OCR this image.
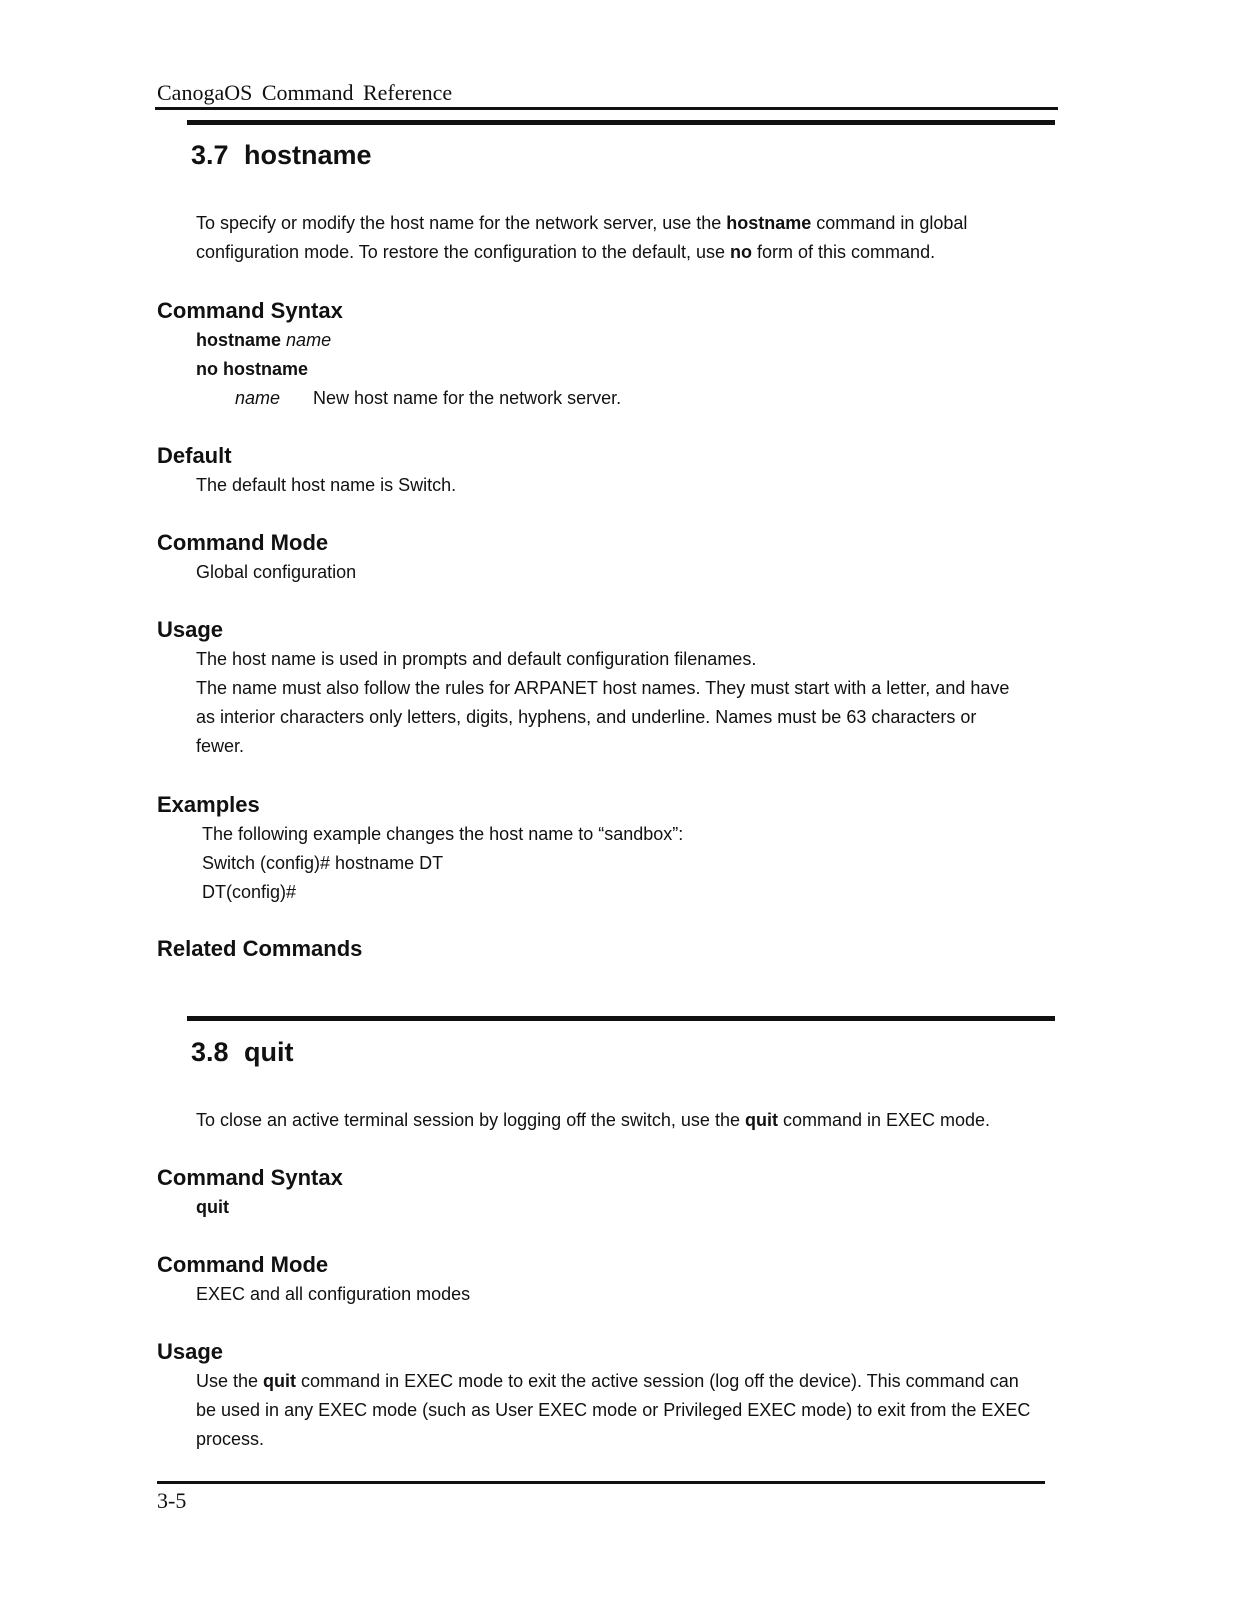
CanogaOS Command Reference
3.7 hostname
To specify or modify the host name for the network server, use the hostname command in global
configuration mode. To restore the configuration to the default, use no form of this command.
Command Syntax
hostname name
no hostname
name New host name for the network server.
Default
The default host name is Switch.
Command Mode
Global configuration
Usage
The host name is used in prompts and default configuration filenames.
The name must also follow the rules for ARPANET host names. They must start with a letter, and have
as interior characters only letters, digits, hyphens, and underline. Names must be 63 characters or
fewer.
Examples
The following example changes the host name to “sandbox”:
Switch (config)# hostname DT
DT(config)#
Related Commands
3.8 quit
To close an active terminal session by logging off the switch, use the quit command in EXEC mode.
Command Syntax
quit
Command Mode
EXEC and all configuration modes
Usage
Use the quit command in EXEC mode to exit the active session (log off the device). This command can
be used in any EXEC mode (such as User EXEC mode or Privileged EXEC mode) to exit from the EXEC
process.
3-5
